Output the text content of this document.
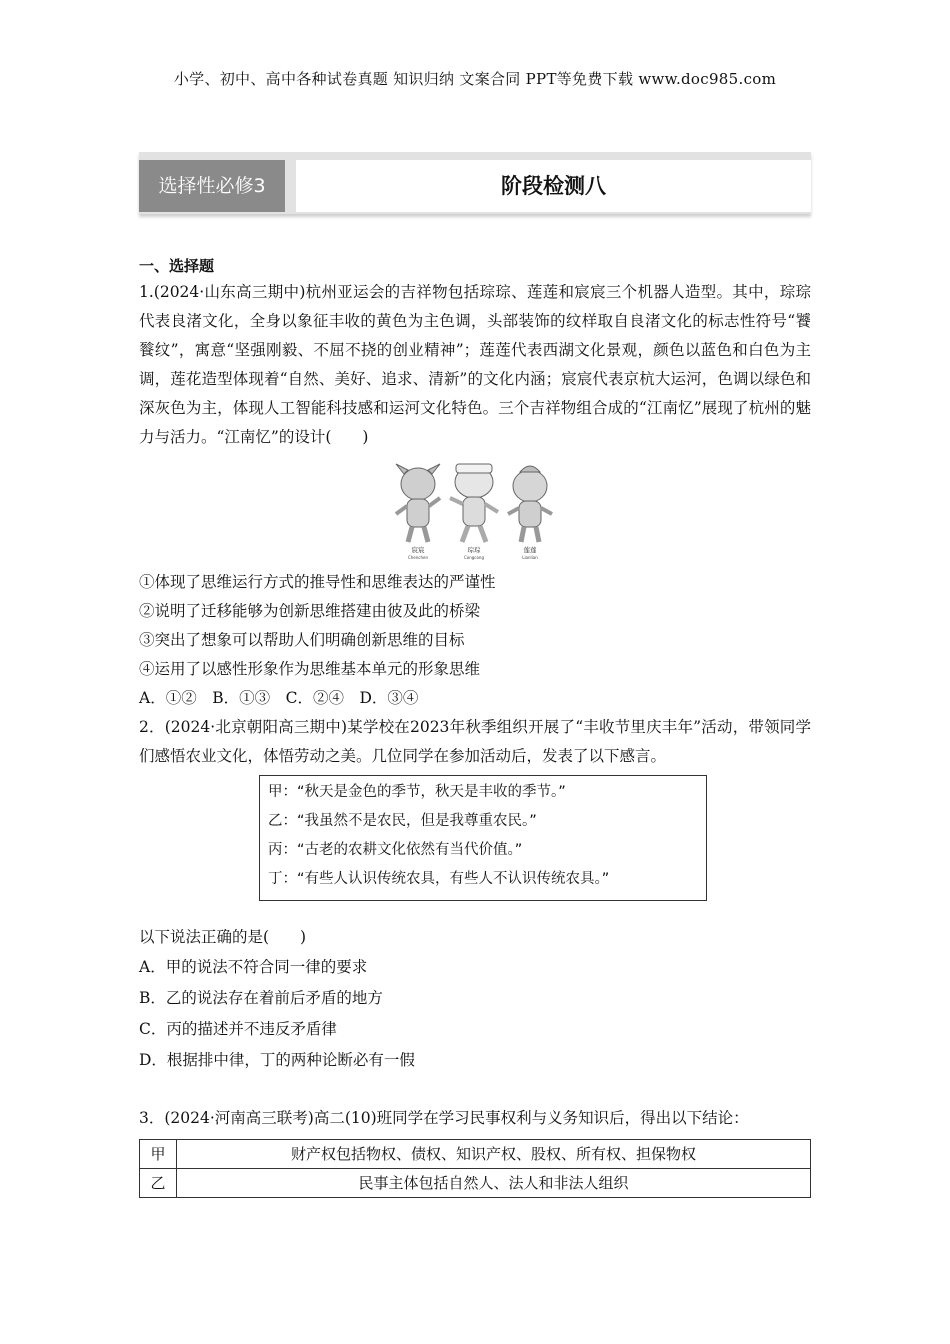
小学、初中、高中各种试卷真题 知识归纳 文案合同 PPT等免费下载 www.doc985.com
选择性必修3	阶段检测八
一、选择题
1.(2024·山东高三期中)杭州亚运会的吉祥物包括琮琮、莲莲和宸宸三个机器人造型。其中，琮琮代表良渚文化，全身以象征丰收的黄色为主色调，头部装饰的纹样取自良渚文化的标志性符号“饕餮纹”，寓意“坚强刚毅、不屈不挠的创业精神”；莲莲代表西湖文化景观，颜色以蓝色和白色为主调，莲花造型体现着“自然、美好、追求、清新”的文化内涵；宸宸代表京杭大运河，色调以绿色和深灰色为主，体现人工智能科技感和运河文化特色。三个吉祥物组合成的“江南忆”展现了杭州的魅力与活力。“江南忆”的设计(　　)
宸宸
Chenchen
琮琮
Congcong
莲莲
Lianlian
①体现了思维运行方式的推导性和思维表达的严谨性
②说明了迁移能够为创新思维搭建由彼及此的桥梁
③突出了想象可以帮助人们明确创新思维的目标
④运用了以感性形象作为思维基本单元的形象思维
A．①②　B．①③　C．②④　D．③④
2．(2024·北京朝阳高三期中)某学校在2023年秋季组织开展了“丰收节里庆丰年”活动，带领同学们感悟农业文化，体悟劳动之美。几位同学在参加活动后，发表了以下感言。
甲：“秋天是金色的季节，秋天是丰收的季节。”
乙：“我虽然不是农民，但是我尊重农民。”
丙：“古老的农耕文化依然有当代价值。”
丁：“有些人认识传统农具，有些人不认识传统农具。”
以下说法正确的是(　　)
A．甲的说法不符合同一律的要求
B．乙的说法存在着前后矛盾的地方
C．丙的描述并不违反矛盾律
D．根据排中律，丁的两种论断必有一假
3．(2024·河南高三联考)高二(10)班同学在学习民事权利与义务知识后，得出以下结论：
甲	财产权包括物权、债权、知识产权、股权、所有权、担保物权
乙	民事主体包括自然人、法人和非法人组织
